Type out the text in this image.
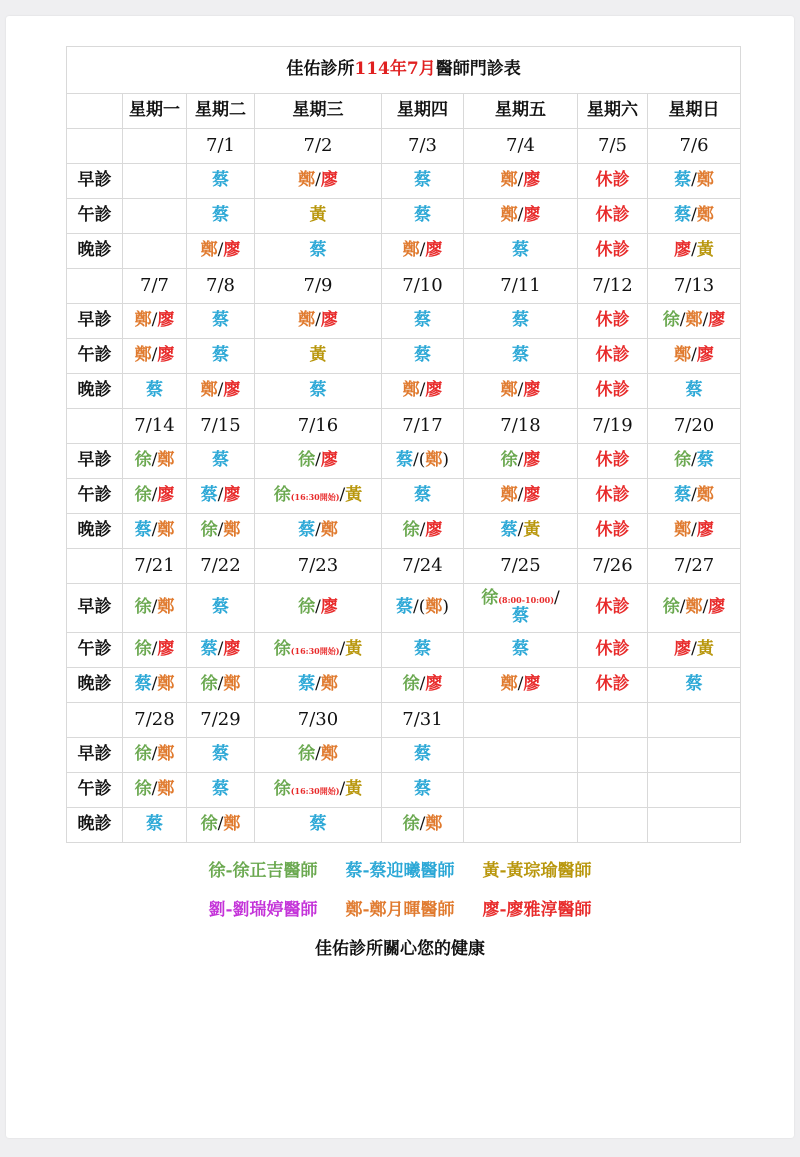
佳佑診所114年7月醫師門診表							
	星期一	星期二	星期三	星期四	星期五	星期六	星期日
		7/1	7/2	7/3	7/4	7/5	7/6
早診		蔡	鄭/廖	蔡	鄭/廖	休診	蔡/鄭
午診		蔡	黃	蔡	鄭/廖	休診	蔡/鄭
晚診		鄭/廖	蔡	鄭/廖	蔡	休診	廖/黃
	7/7	7/8	7/9	7/10	7/11	7/12	7/13
早診	鄭/廖	蔡	鄭/廖	蔡	蔡	休診	徐/鄭/廖
午診	鄭/廖	蔡	黃	蔡	蔡	休診	鄭/廖
晚診	蔡	鄭/廖	蔡	鄭/廖	鄭/廖	休診	蔡
	7/14	7/15	7/16	7/17	7/18	7/19	7/20
早診	徐/鄭	蔡	徐/廖	蔡/(鄭)	徐/廖	休診	徐/蔡
午診	徐/廖	蔡/廖	徐(16:30開始)/黃	蔡	鄭/廖	休診	蔡/鄭
晚診	蔡/鄭	徐/鄭	蔡/鄭	徐/廖	蔡/黃	休診	鄭/廖
	7/21	7/22	7/23	7/24	7/25	7/26	7/27
早診	徐/鄭	蔡	徐/廖	蔡/(鄭)	徐(8:00-10:00)/
蔡	休診	徐/鄭/廖
午診	徐/廖	蔡/廖	徐(16:30開始)/黃	蔡	蔡	休診	廖/黃
晚診	蔡/鄭	徐/鄭	蔡/鄭	徐/廖	鄭/廖	休診	蔡
	7/28	7/29	7/30	7/31			
早診	徐/鄭	蔡	徐/鄭	蔡			
午診	徐/鄭	蔡	徐(16:30開始)/黃	蔡			
晚診	蔡	徐/鄭	蔡	徐/鄭			
徐-徐正吉醫師 蔡-蔡迎曦醫師 黃-黃琮瑜醫師
劉-劉瑞婷醫師 鄭-鄭月暉醫師 廖-廖雅淳醫師
佳佑診所關心您的健康
